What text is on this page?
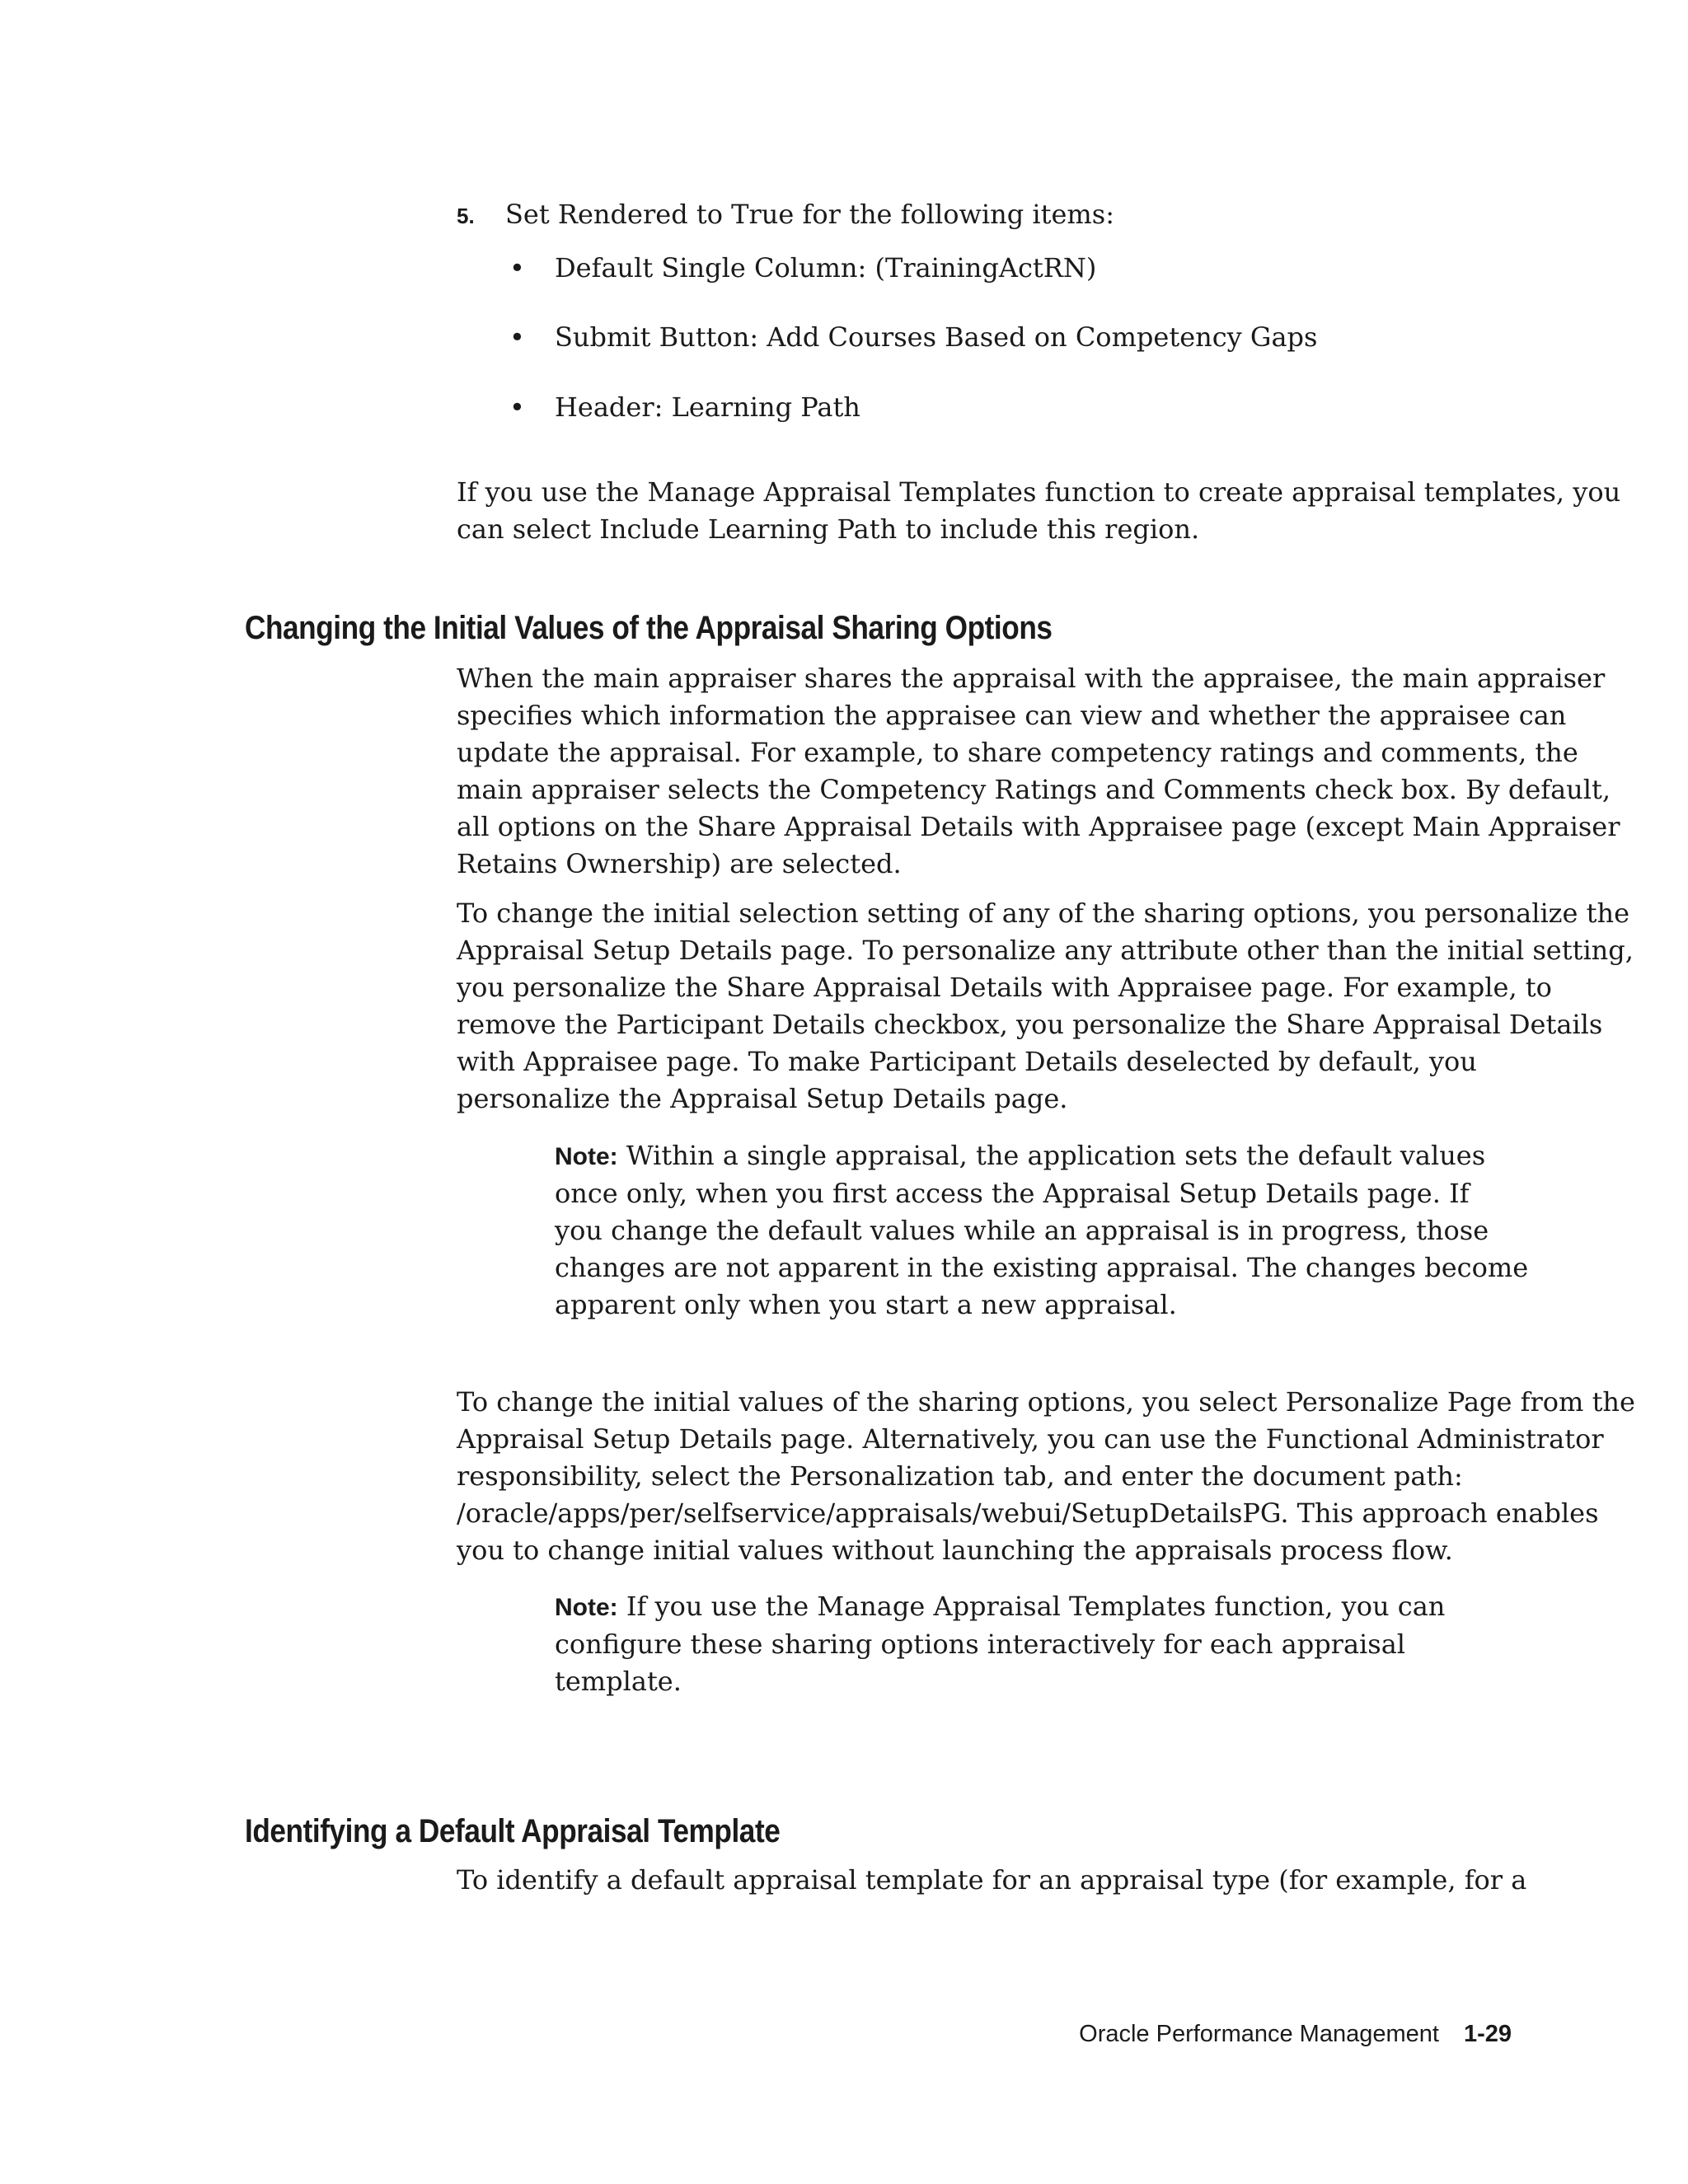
5. Set Rendered to True for the following items:
• Default Single Column: (TrainingActRN)
• Submit Button: Add Courses Based on Competency Gaps
• Header: Learning Path
If you use the Manage Appraisal Templates function to create appraisal templates, you
can select Include Learning Path to include this region.
Changing the Initial Values of the Appraisal Sharing Options
When the main appraiser shares the appraisal with the appraisee, the main appraiser
specifies which information the appraisee can view and whether the appraisee can
update the appraisal. For example, to share competency ratings and comments, the
main appraiser selects the Competency Ratings and Comments check box. By default,
all options on the Share Appraisal Details with Appraisee page (except Main Appraiser
Retains Ownership) are selected.
To change the initial selection setting of any of the sharing options, you personalize the
Appraisal Setup Details page. To personalize any attribute other than the initial setting,
you personalize the Share Appraisal Details with Appraisee page. For example, to
remove the Participant Details checkbox, you personalize the Share Appraisal Details
with Appraisee page. To make Participant Details deselected by default, you
personalize the Appraisal Setup Details page.
Note: Within a single appraisal, the application sets the default values
once only, when you first access the Appraisal Setup Details page. If
you change the default values while an appraisal is in progress, those
changes are not apparent in the existing appraisal. The changes become
apparent only when you start a new appraisal.
To change the initial values of the sharing options, you select Personalize Page from the
Appraisal Setup Details page. Alternatively, you can use the Functional Administrator
responsibility, select the Personalization tab, and enter the document path:
/oracle/apps/per/selfservice/appraisals/webui/SetupDetailsPG. This approach enables
you to change initial values without launching the appraisals process flow.
Note: If you use the Manage Appraisal Templates function, you can
configure these sharing options interactively for each appraisal
template.
Identifying a Default Appraisal Template
To identify a default appraisal template for an appraisal type (for example, for a
Oracle Performance Management 1-29
